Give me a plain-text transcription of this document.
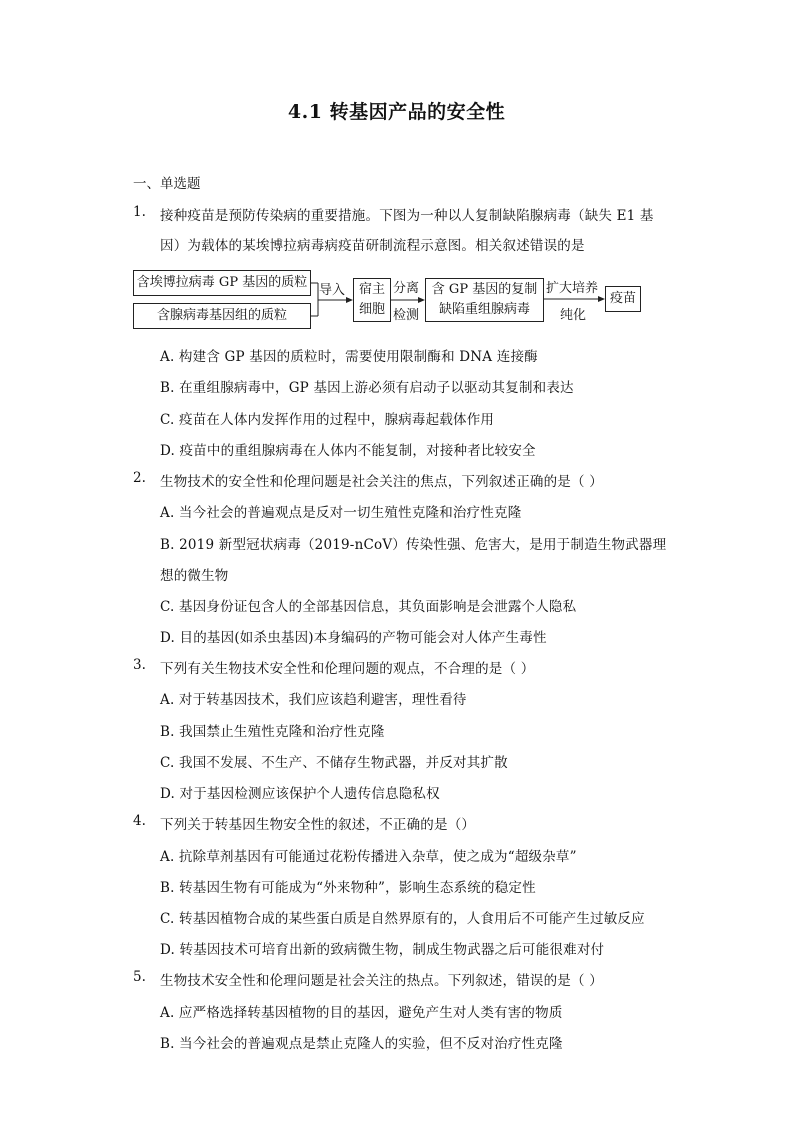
4.1 转基因产品的安全性
一、单选题
1. 接种疫苗是预防传染病的重要措施。下图为一种以人复制缺陷腺病毒（缺失 E1 基
因）为载体的某埃博拉病毒病疫苗研制流程示意图。相关叙述错误的是
含埃博拉病毒 GP 基因的质粒
含腺病毒基因组的质粒
导入 宿主
细胞
分离
检测
含 GP 基因的复制
缺陷重组腺病毒
扩大培养
纯化
疫苗
A. 构建含 GP 基因的质粒时，需要使用限制酶和 DNA 连接酶
B. 在重组腺病毒中，GP 基因上游必须有启动子以驱动其复制和表达
C. 疫苗在人体内发挥作用的过程中，腺病毒起载体作用
D. 疫苗中的重组腺病毒在人体内不能复制，对接种者比较安全
2. 生物技术的安全性和伦理问题是社会关注的焦点，下列叙述正确的是（ ）
A. 当今社会的普遍观点是反对一切生殖性克隆和治疗性克隆
B. 2019 新型冠状病毒（2019-nCoV）传染性强、危害大，是用于制造生物武器理
想的微生物
C. 基因身份证包含人的全部基因信息，其负面影响是会泄露个人隐私
D. 目的基因(如杀虫基因)本身编码的产物可能会对人体产生毒性
3. 下列有关生物技术安全性和伦理问题的观点，不合理的是（ ）
A. 对于转基因技术，我们应该趋利避害，理性看待
B. 我国禁止生殖性克隆和治疗性克隆
C. 我国不发展、不生产、不储存生物武器，并反对其扩散
D. 对于基因检测应该保护个人遗传信息隐私权
4. 下列关于转基因生物安全性的叙述，不正确的是（）
A. 抗除草剂基因有可能通过花粉传播进入杂草，使之成为“超级杂草”
B. 转基因生物有可能成为“外来物种”，影响生态系统的稳定性
C. 转基因植物合成的某些蛋白质是自然界原有的，人食用后不可能产生过敏反应
D. 转基因技术可培育出新的致病微生物，制成生物武器之后可能很难对付
5. 生物技术安全性和伦理问题是社会关注的热点。下列叙述，错误的是（ ）
A. 应严格选择转基因植物的目的基因，避免产生对人类有害的物质
B. 当今社会的普遍观点是禁止克隆人的实验，但不反对治疗性克隆
